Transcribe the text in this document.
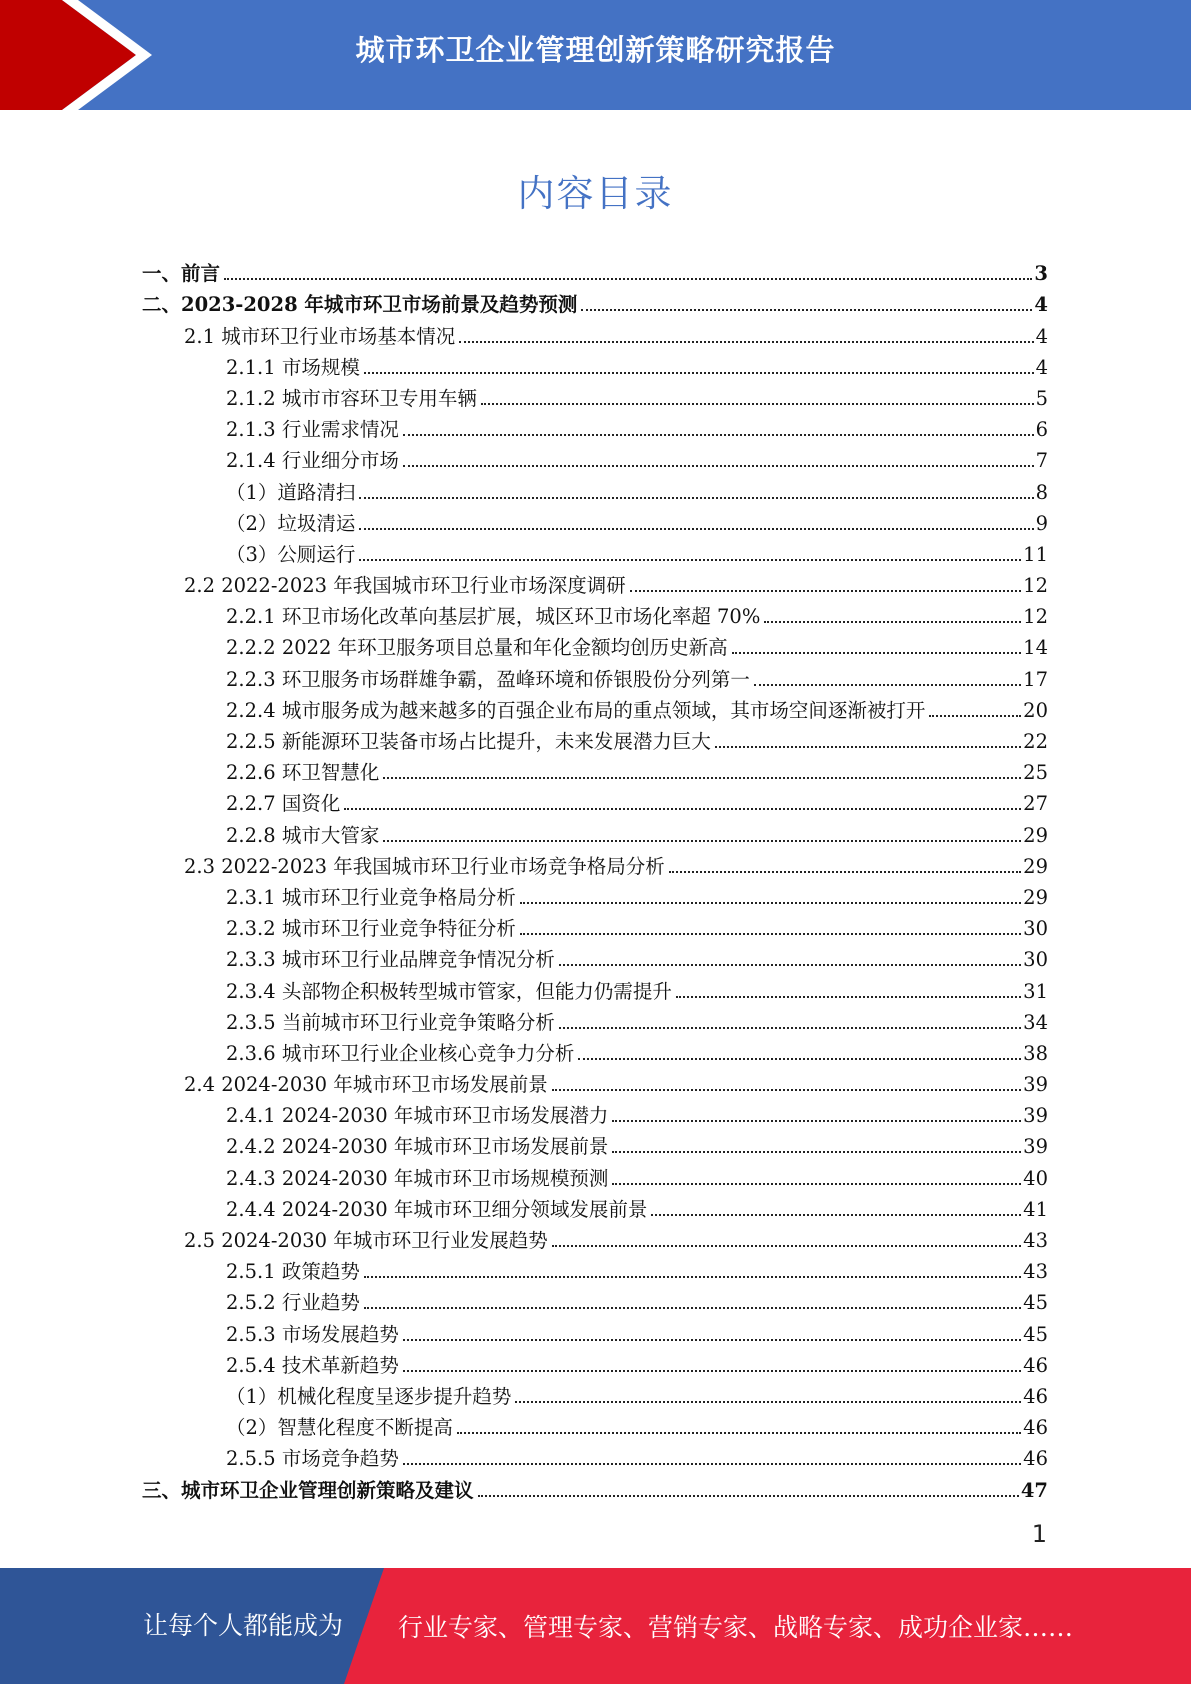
城市环卫企业管理创新策略研究报告
内容目录
一、前言	3
二、2023-2028 年城市环卫市场前景及趋势预测	4
2.1 城市环卫行业市场基本情况	4
2.1.1 市场规模	4
2.1.2 城市市容环卫专用车辆	5
2.1.3 行业需求情况	6
2.1.4 行业细分市场	7
（1）道路清扫	8
（2）垃圾清运	9
（3）公厕运行	11
2.2 2022-2023 年我国城市环卫行业市场深度调研	12
2.2.1 环卫市场化改革向基层扩展，城区环卫市场化率超 70%	12
2.2.2 2022 年环卫服务项目总量和年化金额均创历史新高	14
2.2.3 环卫服务市场群雄争霸，盈峰环境和侨银股份分列第一	17
2.2.4 城市服务成为越来越多的百强企业布局的重点领域，其市场空间逐渐被打开	20
2.2.5 新能源环卫装备市场占比提升，未来发展潜力巨大	22
2.2.6 环卫智慧化	25
2.2.7 国资化	27
2.2.8 城市大管家	29
2.3 2022-2023 年我国城市环卫行业市场竞争格局分析	29
2.3.1 城市环卫行业竞争格局分析	29
2.3.2 城市环卫行业竞争特征分析	30
2.3.3 城市环卫行业品牌竞争情况分析	30
2.3.4 头部物企积极转型城市管家，但能力仍需提升	31
2.3.5 当前城市环卫行业竞争策略分析	34
2.3.6 城市环卫行业企业核心竞争力分析	38
2.4 2024-2030 年城市环卫市场发展前景	39
2.4.1 2024-2030 年城市环卫市场发展潜力	39
2.4.2 2024-2030 年城市环卫市场发展前景	39
2.4.3 2024-2030 年城市环卫市场规模预测	40
2.4.4 2024-2030 年城市环卫细分领域发展前景	41
2.5 2024-2030 年城市环卫行业发展趋势	43
2.5.1 政策趋势	43
2.5.2 行业趋势	45
2.5.3 市场发展趋势	45
2.5.4 技术革新趋势	46
（1）机械化程度呈逐步提升趋势	46
（2）智慧化程度不断提高	46
2.5.5 市场竞争趋势	46
三、城市环卫企业管理创新策略及建议	47
1
让每个人都能成为 行业专家、管理专家、营销专家、战略专家、成功企业家……
